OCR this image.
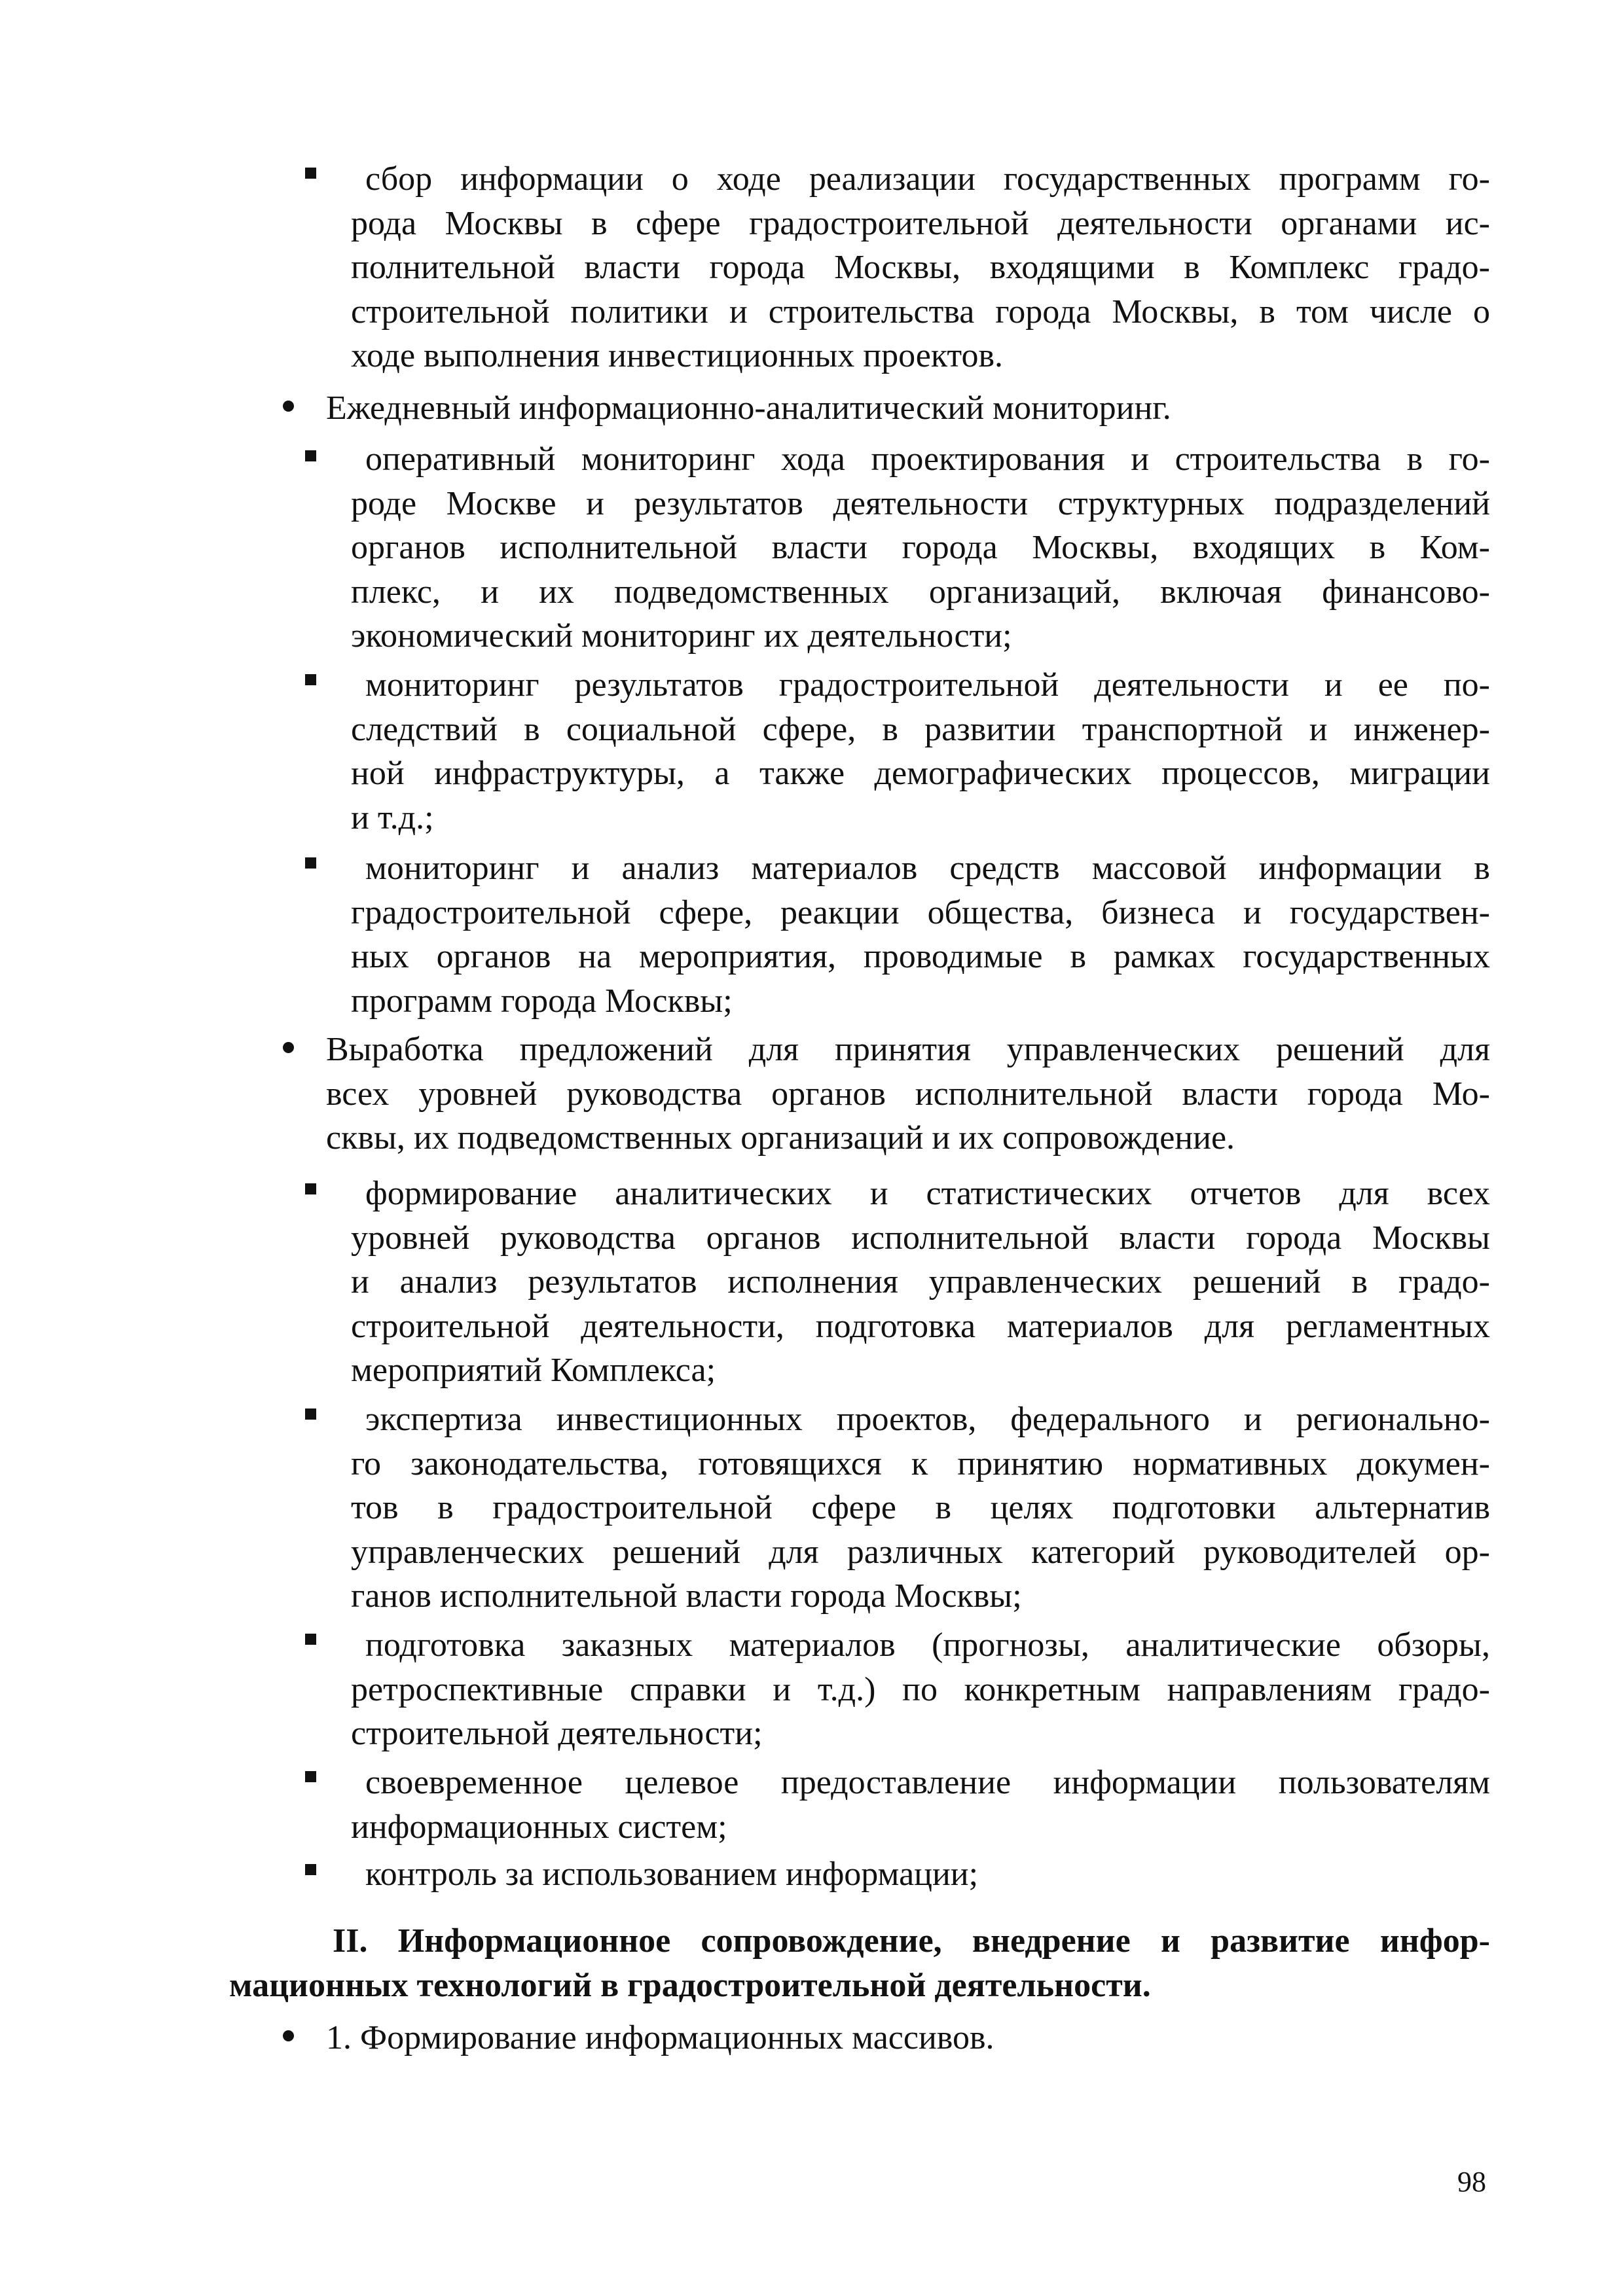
сбор информации о ходе реализации государственных программ го-
рода Москвы в сфере градостроительной деятельности органами ис-
полнительной власти города Москвы, входящими в Комплекс градо-
строительной политики и строительства города Москвы, в том числе о
ходе выполнения инвестиционных проектов.
Ежедневный информационно-аналитический мониторинг.
оперативный мониторинг хода проектирования и строительства в го-
роде Москве и результатов деятельности структурных подразделений
органов исполнительной власти города Москвы, входящих в Ком-
плекс, и их подведомственных организаций, включая финансово-
экономический мониторинг их деятельности;
мониторинг результатов градостроительной деятельности и ее по-
следствий в социальной сфере, в развитии транспортной и инженер-
ной инфраструктуры, а также демографических процессов, миграции
и т.д.;
мониторинг и анализ материалов средств массовой информации в
градостроительной сфере, реакции общества, бизнеса и государствен-
ных органов на мероприятия, проводимые в рамках государственных
программ города Москвы;
Выработка предложений для принятия управленческих решений для
всех уровней руководства органов исполнительной власти города Мо-
сквы, их подведомственных организаций и их сопровождение.
формирование аналитических и статистических отчетов для всех
уровней руководства органов исполнительной власти города Москвы
и анализ результатов исполнения управленческих решений в градо-
строительной деятельности, подготовка материалов для регламентных
мероприятий Комплекса;
экспертиза инвестиционных проектов, федерального и регионально-
го законодательства, готовящихся к принятию нормативных докумен-
тов в градостроительной сфере в целях подготовки альтернатив
управленческих решений для различных категорий руководителей ор-
ганов исполнительной власти города Москвы;
подготовка заказных материалов (прогнозы, аналитические обзоры,
ретроспективные справки и т.д.) по конкретным направлениям градо-
строительной деятельности;
своевременное целевое предоставление информации пользователям
информационных систем;
контроль за использованием информации;
II. Информационное сопровождение, внедрение и развитие инфор-
мационных технологий в градостроительной деятельности.
1. Формирование информационных массивов.
98
